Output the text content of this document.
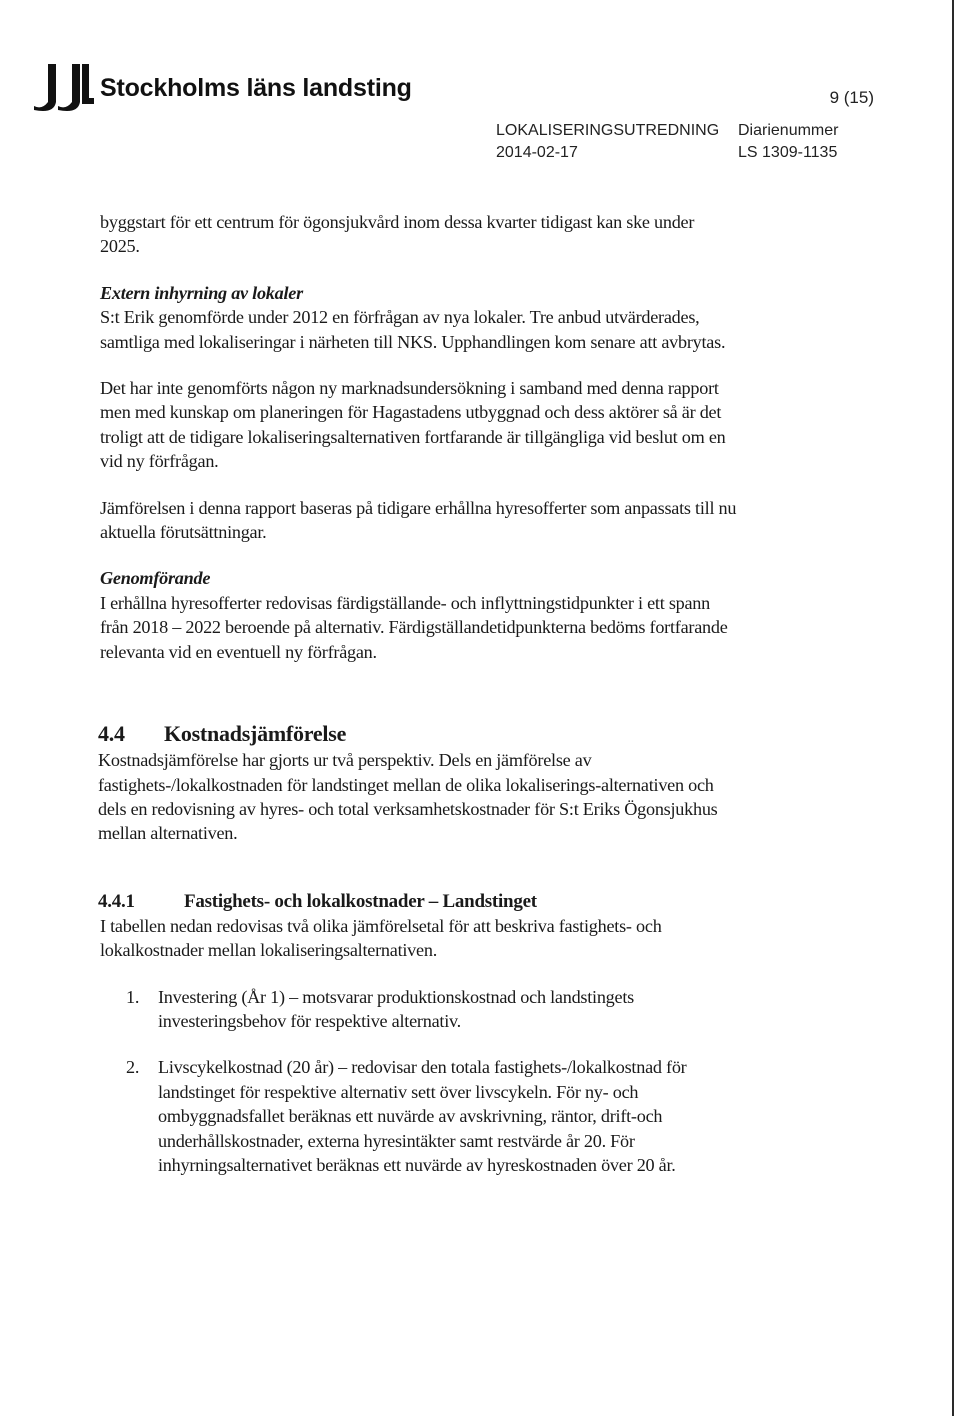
Stockholms läns landsting	9 (15)
LOKALISERINGSUTREDNING
2014-02-17
Diarienummer
LS 1309-1135

byggstart för ett centrum för ögonsjukvård inom dessa kvarter tidigast kan ske under 2025.

Extern inhyrning av lokaler

S:t Erik genomförde under 2012 en förfrågan av nya lokaler. Tre anbud utvärderades, samtliga med lokaliseringar i närheten till NKS. Upphandlingen kom senare att avbrytas.

Det har inte genomförts någon ny marknadsundersökning i samband med denna rapport men med kunskap om planeringen för Hagastadens utbyggnad och dess aktörer så är det troligt att de tidigare lokaliseringsalternativen fortfarande är tillgängliga vid beslut om en vid ny förfrågan.

Jämförelsen i denna rapport baseras på tidigare erhållna hyresofferter som anpassats till nu aktuella förutsättningar.

Genomförande

I erhållna hyresofferter redovisas färdigställande- och inflyttningstidpunkter i ett spann från 2018 – 2022 beroende på alternativ. Färdigställandetidpunkterna bedöms fortfarande relevanta vid en eventuell ny förfrågan.

4.4 Kostnadsjämförelse

Kostnadsjämförelse har gjorts ur två perspektiv. Dels en jämförelse av fastighets-/lokalkostnaden för landstinget mellan de olika lokaliserings-alternativen och dels en redovisning av hyres- och total verksamhetskostnader för S:t Eriks Ögonsjukhus mellan alternativen.

4.4.1	Fastighets- och lokalkostnader – Landstinget

I tabellen nedan redovisas två olika jämförelsetal för att beskriva fastighets- och lokalkostnader mellan lokaliseringsalternativen.

1. Investering (År 1) – motsvarar produktionskostnad och landstingets investeringsbehov för respektive alternativ.
2. Livscykelkostnad (20 år) – redovisar den totala fastighets-/lokalkostnad för landstinget för respektive alternativ sett över livscykeln. För ny- och ombyggnadsfallet beräknas ett nuvärde av avskrivning, räntor, drift-och underhållskostnader, externa hyresintäkter samt restvärde år 20. För inhyrningsalternativet beräknas ett nuvärde av hyreskostnaden över 20 år.
